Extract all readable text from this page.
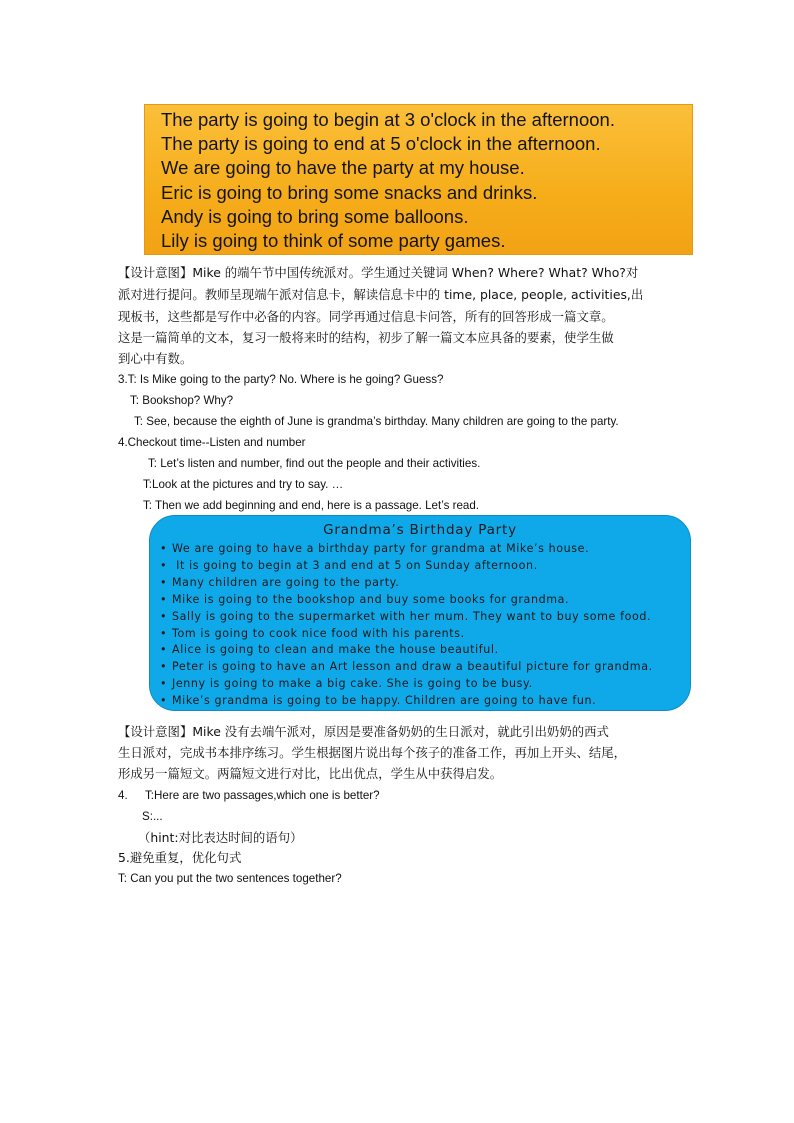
The party is going to begin at 3 o'clock in the afternoon.
The party is going to end at 5 o'clock in the afternoon.
We are going to have the party at my house.
Eric is going to bring some snacks and drinks.
Andy is going to bring some balloons.
Lily is going to think of some party games.
【设计意图】Mike 的端午节中国传统派对。学生通过关键词 When? Where? What? Who?对
派对进行提问。教师呈现端午派对信息卡，解读信息卡中的 time, place, people, activities,出
现板书，这些都是写作中必备的内容。同学再通过信息卡问答，所有的回答形成一篇文章。
这是一篇简单的文本，复习一般将来时的结构，初步了解一篇文本应具备的要素，使学生做
到心中有数。
3.T: Is Mike going to the party? No. Where is he going? Guess?
T: Bookshop? Why?
T: See, because the eighth of June is grandma’s birthday. Many children are going to the party.
4.Checkout time--Listen and number
T: Let’s listen and number, find out the people and their activities.
T:Look at the pictures and try to say. …
T: Then we add beginning and end, here is a passage. Let’s read.
Grandma’s Birthday Party
• We are going to have a birthday party for grandma at Mike’s house.
• It is going to begin at 3 and end at 5 on Sunday afternoon.
• Many children are going to the party.
• Mike is going to the bookshop and buy some books for grandma.
• Sally is going to the supermarket with her mum. They want to buy some food.
• Tom is going to cook nice food with his parents.
• Alice is going to clean and make the house beautiful.
• Peter is going to have an Art lesson and draw a beautiful picture for grandma.
• Jenny is going to make a big cake. She is going to be busy.
• Mike’s grandma is going to be happy. Children are going to have fun.
【设计意图】Mike 没有去端午派对，原因是要准备奶奶的生日派对，就此引出奶奶的西式
生日派对，完成书本排序练习。学生根据图片说出每个孩子的准备工作，再加上开头、结尾，
形成另一篇短文。两篇短文进行对比，比出优点，学生从中获得启发。
4. T:Here are two passages,which one is better?
S:...
（hint:对比表达时间的语句）
5.避免重复，优化句式
T: Can you put the two sentences together?
